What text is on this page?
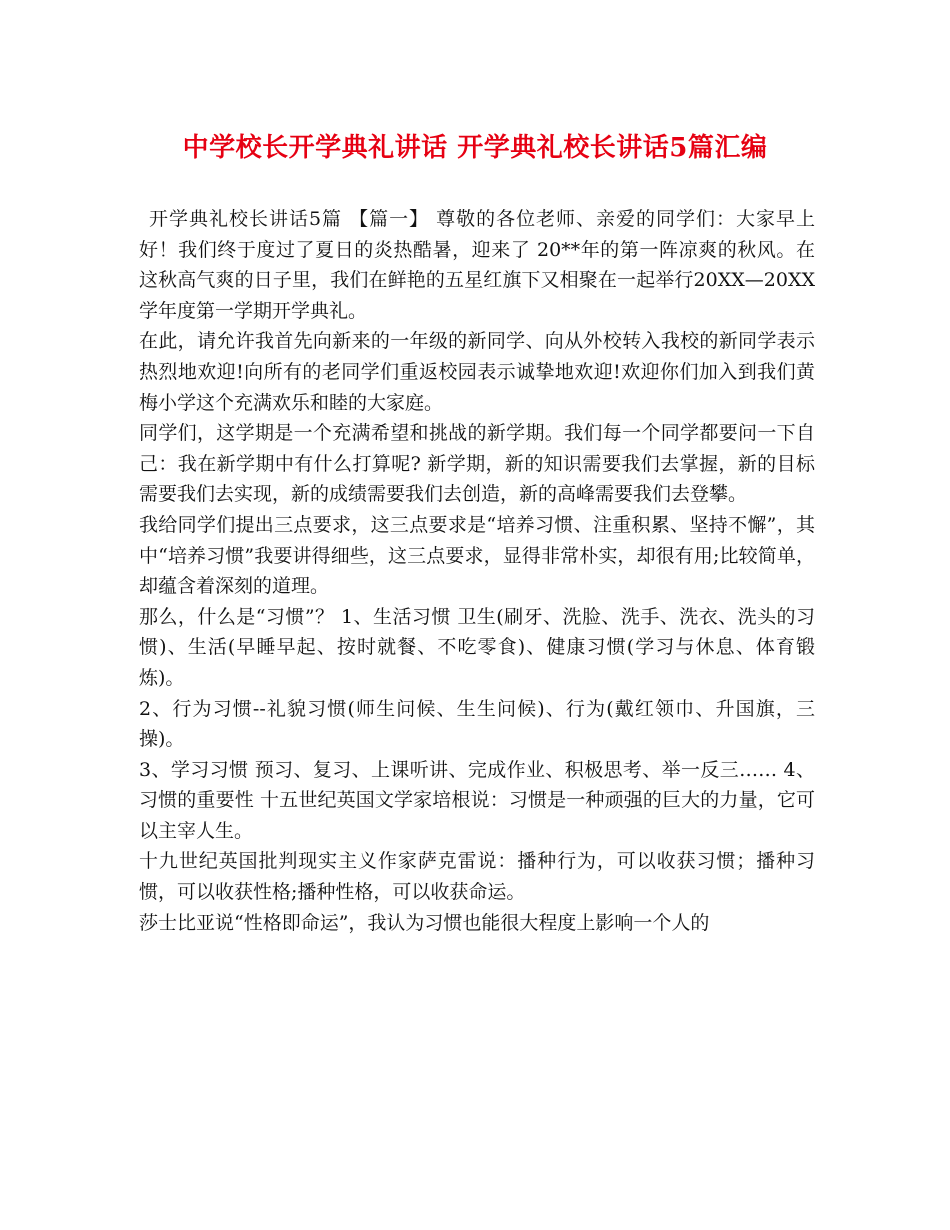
中学校长开学典礼讲话 开学典礼校长讲话5篇汇编

开学典礼校长讲话5篇 【篇一】 尊敬的各位老师、亲爱的同学们：大家早上好！我们终于度过了夏日的炎热酷暑，迎来了 20**年的第一阵凉爽的秋风。在这秋高气爽的日子里，我们在鲜艳的五星红旗下又相聚在一起举行20XX—20XX学年度第一学期开学典礼。

在此，请允许我首先向新来的一年级的新同学、向从外校转入我校的新同学表示热烈地欢迎!向所有的老同学们重返校园表示诚挚地欢迎!欢迎你们加入到我们黄梅小学这个充满欢乐和睦的大家庭。

同学们，这学期是一个充满希望和挑战的新学期。我们每一个同学都要问一下自己：我在新学期中有什么打算呢? 新学期，新的知识需要我们去掌握，新的目标需要我们去实现，新的成绩需要我们去创造，新的高峰需要我们去登攀。

我给同学们提出三点要求，这三点要求是“培养习惯、注重积累、坚持不懈”，其中“培养习惯”我要讲得细些，这三点要求，显得非常朴实，却很有用;比较简单，却蕴含着深刻的道理。

那么，什么是“习惯”？ 1、生活习惯 卫生(刷牙、洗脸、洗手、洗衣、洗头的习惯)、生活(早睡早起、按时就餐、不吃零食)、健康习惯(学习与休息、体育锻炼)。

2、行为习惯--礼貌习惯(师生问候、生生问候)、行为(戴红领巾、升国旗，三操)。

3、学习习惯 预习、复习、上课听讲、完成作业、积极思考、举一反三…… 4、习惯的重要性 十五世纪英国文学家培根说：习惯是一种顽强的巨大的力量，它可以主宰人生。

十九世纪英国批判现实主义作家萨克雷说：播种行为，可以收获习惯；播种习惯，可以收获性格;播种性格，可以收获命运。

莎士比亚说“性格即命运”，我认为习惯也能很大程度上影响一个人的
